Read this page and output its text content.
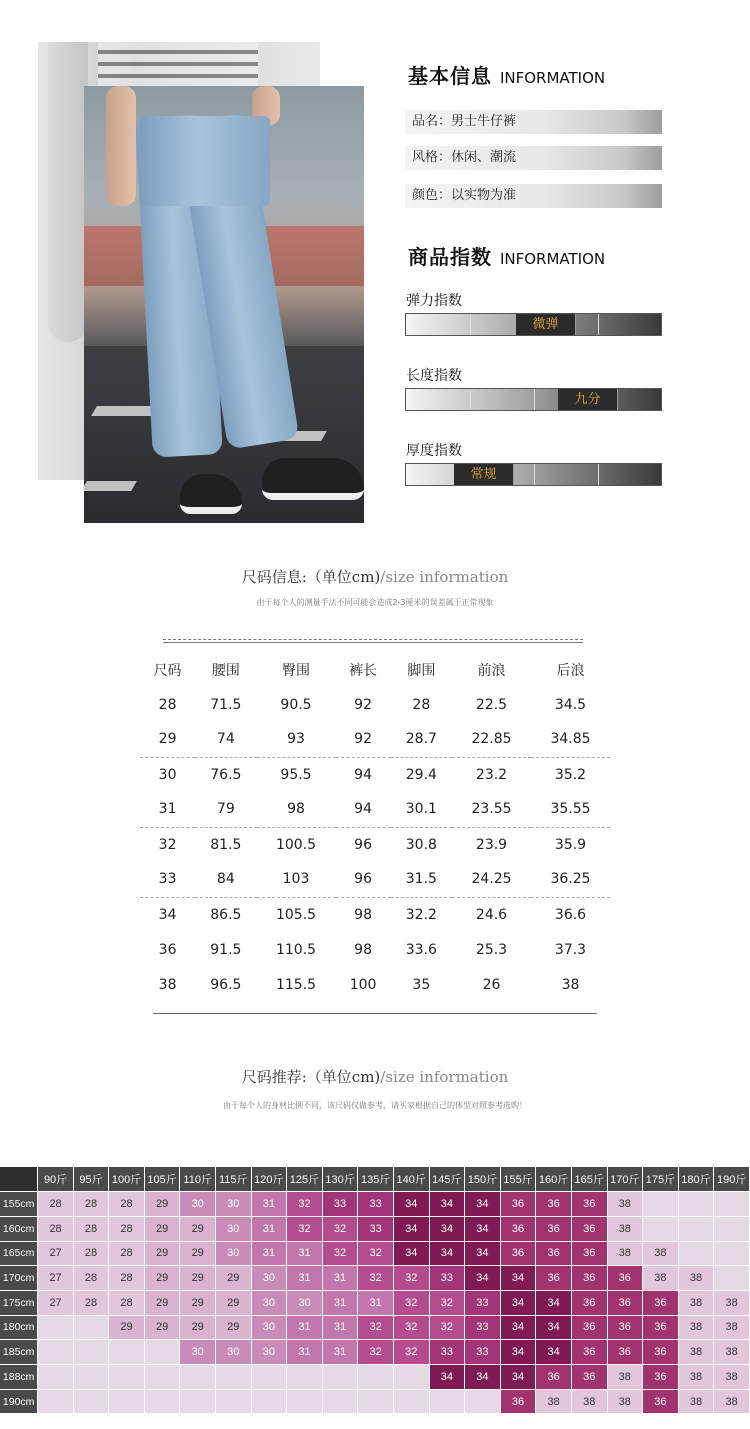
基本信息 INFORMATION
品名：男士牛仔裤
风格：休闲、潮流
颜色：以实物为准
商品指数 INFORMATION
弹力指数
微弹
长度指数
九分
厚度指数
常规
尺码信息:（单位cm)/size information
由于每个人的测量手法不同可能会造成2-3厘米的误差属于正常现象
尺码	腰围	臀围	裤长	脚围	前浪	后浪
28	71.5	90.5	92	28	22.5	34.5
29	74	93	92	28.7	22.85	34.85
30	76.5	95.5	94	29.4	23.2	35.2
31	79	98	94	30.1	23.55	35.55
32	81.5	100.5	96	30.8	23.9	35.9
33	84	103	96	31.5	24.25	36.25
34	86.5	105.5	98	32.2	24.6	36.6
36	91.5	110.5	98	33.6	25.3	37.3
38	96.5	115.5	100	35	26	38
尺码推荐:（单位cm)/size information
由于每个人的身材比例不同，该尺码仅做参考，请买家根据自己的体型对照参考选购！
	90斤	95斤	100斤	105斤	110斤	115斤	120斤	125斤	130斤	135斤	140斤	145斤	150斤	155斤	160斤	165斤	170斤	175斤	180斤	190斤
155cm	28	28	28	29	30	30	31	32	33	33	34	34	34	36	36	36	38			
160cm	28	28	28	29	29	30	31	32	32	33	34	34	34	36	36	36	38			
165cm	27	28	28	29	29	30	31	31	32	32	34	34	34	36	36	36	38	38		
170cm	27	28	28	29	29	29	30	31	31	32	32	33	34	34	36	36	36	38	38	
175cm	27	28	28	29	29	29	30	30	31	31	32	32	33	34	34	36	36	36	38	38
180cm			29	29	29	29	30	31	31	32	32	32	33	34	34	36	36	36	38	38
185cm					30	30	30	31	31	32	32	33	33	34	34	36	36	36	38	38
188cm												34	34	34	36	36	38	36	38	38
190cm														36	38	38	38	36	38	38
